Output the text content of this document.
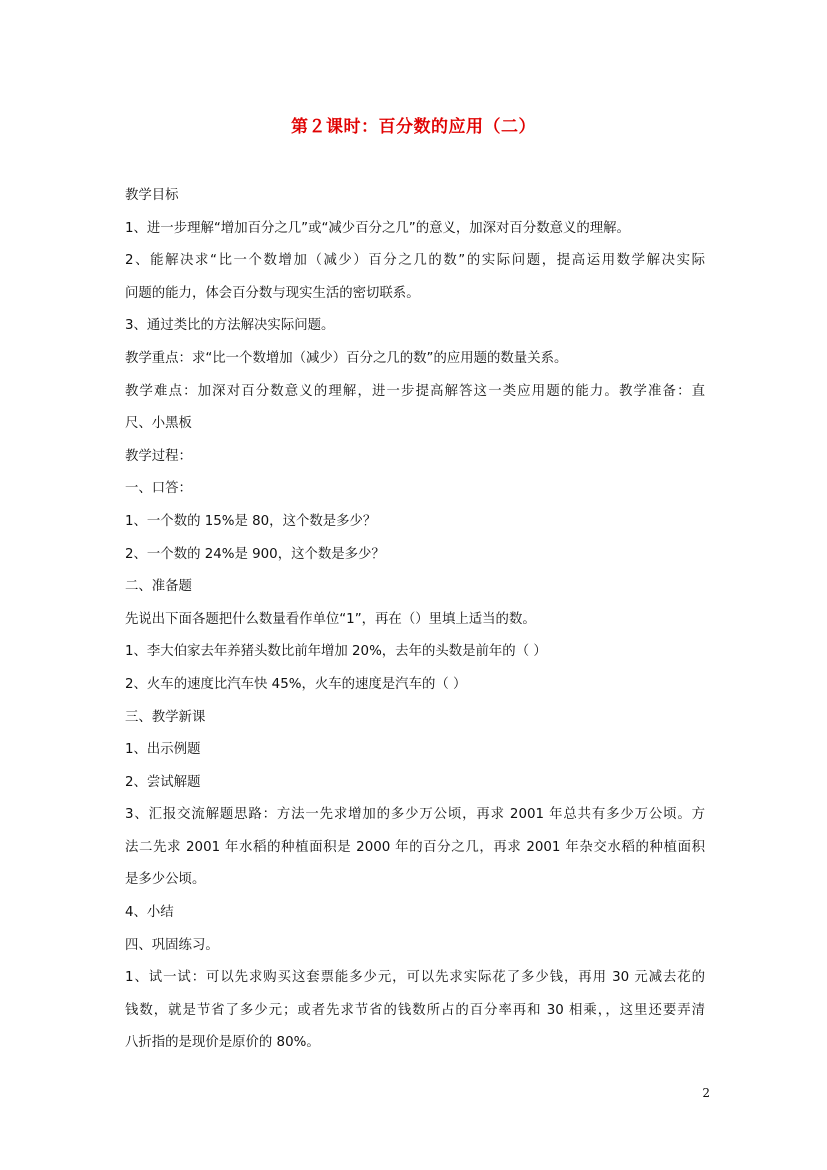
第２课时：百分数的应用（二）
教学目标
1、进一步理解“增加百分之几”或“减少百分之几”的意义，加深对百分数意义的理解。
2、能解决求“比一个数增加（减少）百分之几的数”的实际问题，提高运用数学解决实际
问题的能力，体会百分数与现实生活的密切联系。
3、通过类比的方法解决实际问题。
教学重点：求“比一个数增加（减少）百分之几的数”的应用题的数量关系。
教学难点：加深对百分数意义的理解，进一步提高解答这一类应用题的能力。教学准备：直
尺、小黑板
教学过程：
一、口答：
1、一个数的 15%是 80，这个数是多少？
2、一个数的 24%是 900，这个数是多少？
二、准备题
先说出下面各题把什么数量看作单位“1”，再在（）里填上适当的数。
1、李大伯家去年养猪头数比前年增加 20%，去年的头数是前年的（ ）
2、火车的速度比汽车快 45%，火车的速度是汽车的（ ）
三、教学新课
1、出示例题
2、尝试解题
3、汇报交流解题思路：方法一先求增加的多少万公顷，再求 2001 年总共有多少万公顷。方
法二先求 2001 年水稻的种植面积是 2000 年的百分之几，再求 2001 年杂交水稻的种植面积
是多少公顷。
4、小结
四、巩固练习。
1、试一试：可以先求购买这套票能多少元，可以先求实际花了多少钱，再用 30 元减去花的
钱数，就是节省了多少元；或者先求节省的钱数所占的百分率再和 30 相乘，，这里还要弄清
八折指的是现价是原价的 80%。
2
